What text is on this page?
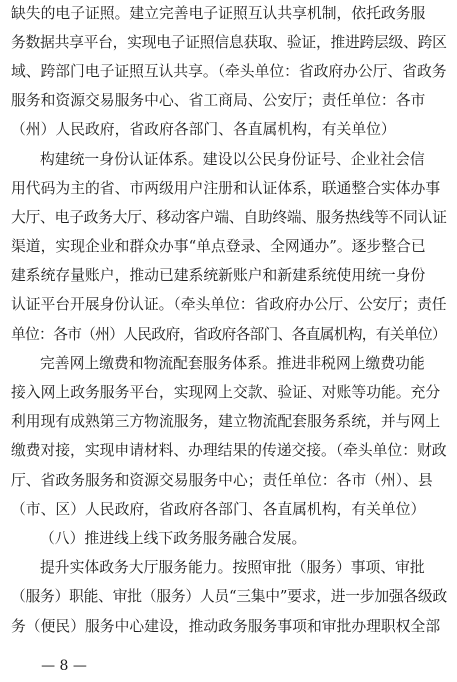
缺失的电子证照。建立完善电子证照互认共享机制，依托政务服
务数据共享平台，实现电子证照信息获取、验证，推进跨层级、跨区
域、跨部门电子证照互认共享。（牵头单位：省政府办公厅、省政务
服务和资源交易服务中心、省工商局、公安厅；责任单位：各市
（州）人民政府，省政府各部门、各直属机构，有关单位）
构建统一身份认证体系。建设以公民身份证号、企业社会信
用代码为主的省、市两级用户注册和认证体系，联通整合实体办事
大厅、电子政务大厅、移动客户端、自助终端、服务热线等不同认证
渠道，实现企业和群众办事“单点登录、全网通办”。逐步整合已
建系统存量账户，推动已建系统新账户和新建系统使用统一身份
认证平台开展身份认证。（牵头单位：省政府办公厅、公安厅；责任
单位：各市（州）人民政府，省政府各部门、各直属机构，有关单位）
完善网上缴费和物流配套服务体系。推进非税网上缴费功能
接入网上政务服务平台，实现网上交款、验证、对账等功能。充分
利用现有成熟第三方物流服务，建立物流配套服务系统，并与网上
缴费对接，实现申请材料、办理结果的传递交接。（牵头单位：财政
厅、省政务服务和资源交易服务中心；责任单位：各市（州）、县
（市、区）人民政府，省政府各部门、各直属机构，有关单位）
（八）推进线上线下政务服务融合发展。
提升实体政务大厅服务能力。按照审批（服务）事项、审批
（服务）职能、审批（服务）人员“三集中”要求，进一步加强各级政
务（便民）服务中心建设，推动政务服务事项和审批办理职权全部
— 8 —
